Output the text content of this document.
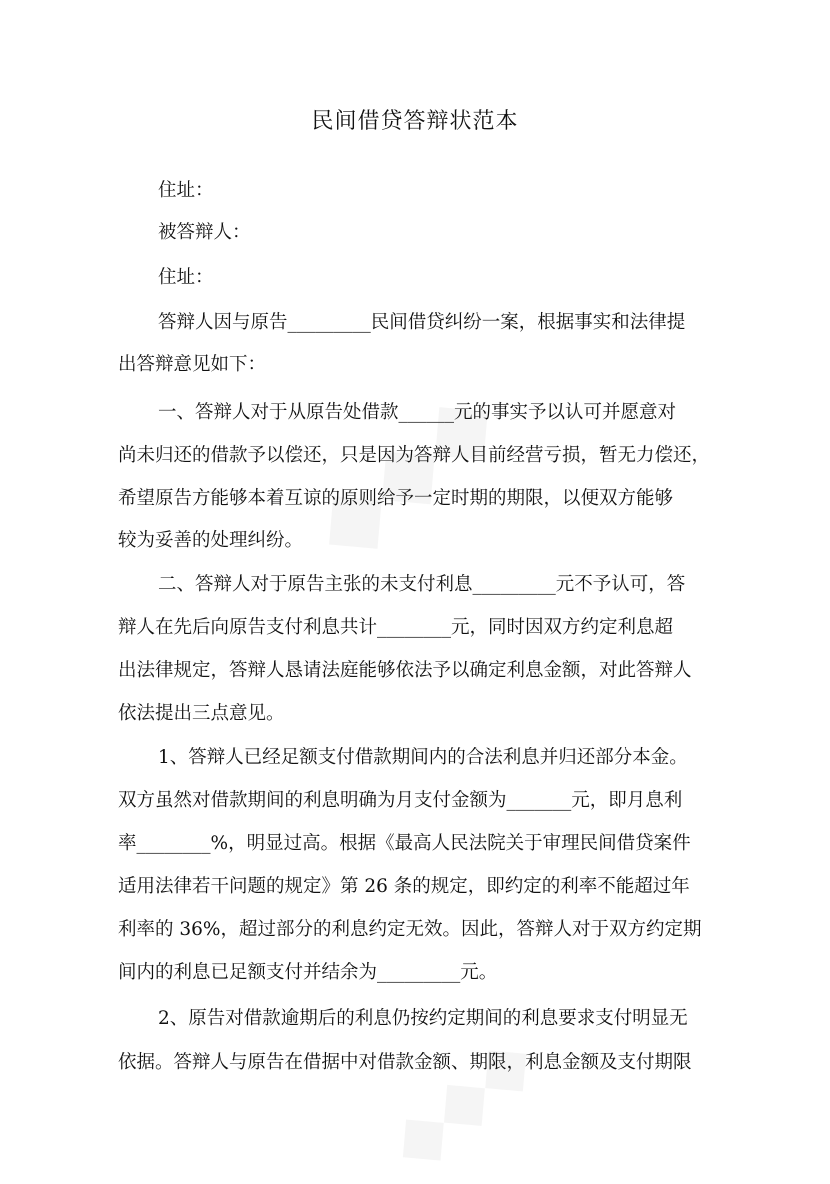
民间借贷答辩状范本
住址：
被答辩人：
住址：
答辩人因与原告_________民间借贷纠纷一案，根据事实和法律提
出答辩意见如下：
一、答辩人对于从原告处借款______元的事实予以认可并愿意对
尚未归还的借款予以偿还，只是因为答辩人目前经营亏损，暂无力偿还，
希望原告方能够本着互谅的原则给予一定时期的期限，以便双方能够
较为妥善的处理纠纷。
二、答辩人对于原告主张的未支付利息_________元不予认可，答
辩人在先后向原告支付利息共计________元，同时因双方约定利息超
出法律规定，答辩人恳请法庭能够依法予以确定利息金额，对此答辩人
依法提出三点意见。
1、答辩人已经足额支付借款期间内的合法利息并归还部分本金。
双方虽然对借款期间的利息明确为月支付金额为_______元，即月息利
率________%，明显过高。根据《最高人民法院关于审理民间借贷案件
适用法律若干问题的规定》第 26 条的规定，即约定的利率不能超过年
利率的 36%，超过部分的利息约定无效。因此，答辩人对于双方约定期
间内的利息已足额支付并结余为_________元。
2、原告对借款逾期后的利息仍按约定期间的利息要求支付明显无
依据。答辩人与原告在借据中对借款金额、期限，利息金额及支付期限
